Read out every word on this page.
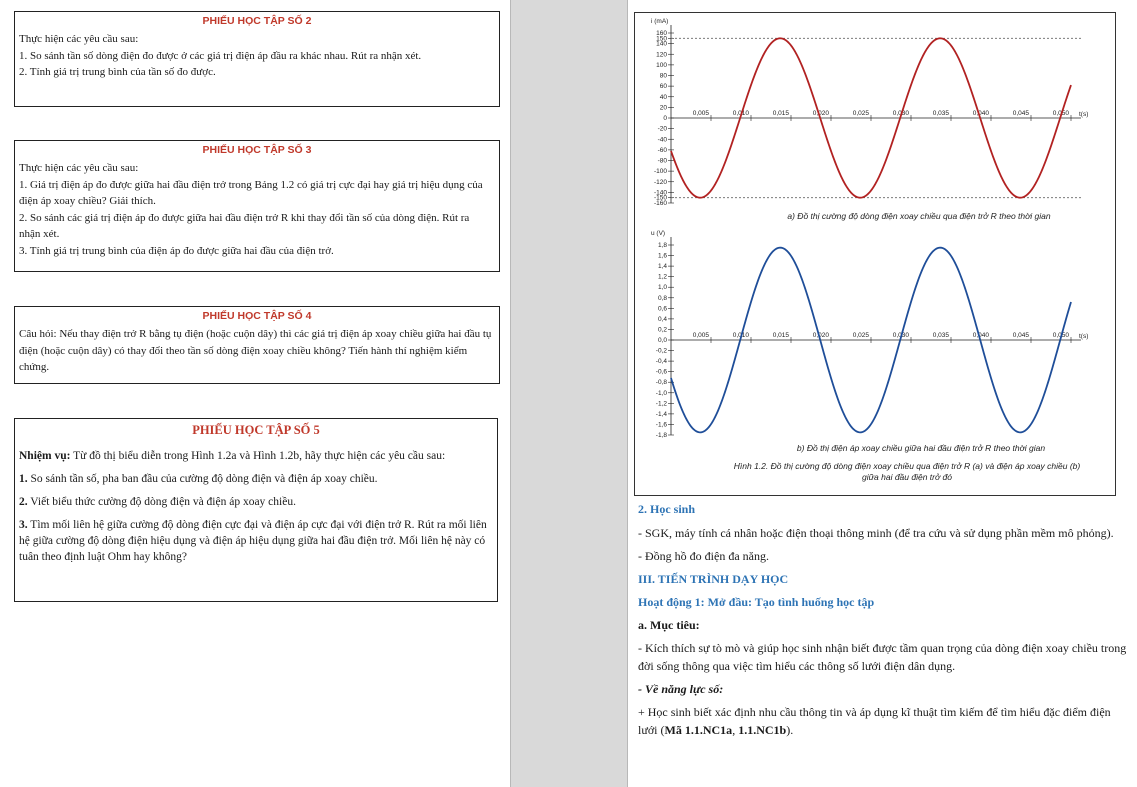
PHIẾU HỌC TẬP SỐ 2

Thực hiện các yêu cầu sau:

1. So sánh tần số dòng điện đo được ở các giá trị điện áp đầu ra khác nhau. Rút ra nhận xét.

2. Tính giá trị trung bình của tần số đo được.

PHIẾU HỌC TẬP SỐ 3

Thực hiện các yêu cầu sau:

1. Giá trị điện áp đo được giữa hai đầu điện trở trong Bảng 1.2 có giá trị cực đại hay giá trị hiệu dụng của điện áp xoay chiều? Giải thích.

2. So sánh các giá trị điện áp đo được giữa hai đầu điện trở R khi thay đổi tần số của dòng điện. Rút ra nhận xét.

3. Tính giá trị trung bình của điện áp đo được giữa hai đầu của điện trở.

PHIẾU HỌC TẬP SỐ 4

Câu hỏi: Nếu thay điện trở R bằng tụ điện (hoặc cuộn dây) thì các giá trị điện áp xoay chiều giữa hai đầu tụ điện (hoặc cuộn dây) có thay đổi theo tần số dòng điện xoay chiều không? Tiến hành thí nghiệm kiểm chứng.

PHIẾU HỌC TẬP SỐ 5

Nhiệm vụ: Từ đồ thị biểu diễn trong Hình 1.2a và Hình 1.2b, hãy thực hiện các yêu cầu sau:

1. So sánh tần số, pha ban đầu của cường độ dòng điện và điện áp xoay chiều.

2. Viết biểu thức cường độ dòng điện và điện áp xoay chiều.

3. Tìm mối liên hệ giữa cường độ dòng điện cực đại và điện áp cực đại với điện trở R. Rút ra mối liên hệ giữa cường độ dòng điện hiệu dụng và điện áp hiệu dụng giữa hai đầu điện trở. Mối liên hệ này có tuân theo định luật Ohm hay không?

i (mA)
t(s)
160
150
140
120
100
80
60
40
20
0
-20
-40
-60
-80
-100
-120
-140
-150
-160
0,005	0,010	0,015	0,020	0,025	0,030	0,035	0,040	0,045	0,050
u (V)
t(s)
1,8
1,6
1,4
1,2
1,0
0,8
0,6
0,4
0,2
0,0
-0,2
-0,4
-0,6
-0,8
-1,0
-1,2
-1,4
-1,6
-1,8
0,005	0,010	0,015	0,020	0,025	0,030	0,035	0,040	0,045	0,050
a) Đồ thị cường độ dòng điện xoay chiều qua điện trở R theo thời gian
b) Đồ thị điện áp xoay chiều giữa hai đầu điện trở R theo thời gian
Hình 1.2. Đồ thị cường độ dòng điện xoay chiều qua điện trở R (a) và điện áp xoay chiều (b)
giữa hai đầu điện trở đó

2. Học sinh

- SGK, máy tính cá nhân hoặc điện thoại thông minh (để tra cứu và sử dụng phần mềm mô phỏng).

- Đồng hồ đo điện đa năng.

III. TIẾN TRÌNH DẠY HỌC

Hoạt động 1: Mở đầu: Tạo tình huống học tập

a. Mục tiêu:

- Kích thích sự tò mò và giúp học sinh nhận biết được tầm quan trọng của dòng điện xoay chiều trong đời sống thông qua việc tìm hiểu các thông số lưới điện dân dụng.

- Về năng lực số:

+ Học sinh biết xác định nhu cầu thông tin và áp dụng kĩ thuật tìm kiếm để tìm hiểu đặc điểm điện lưới (Mã 1.1.NC1a, 1.1.NC1b).
